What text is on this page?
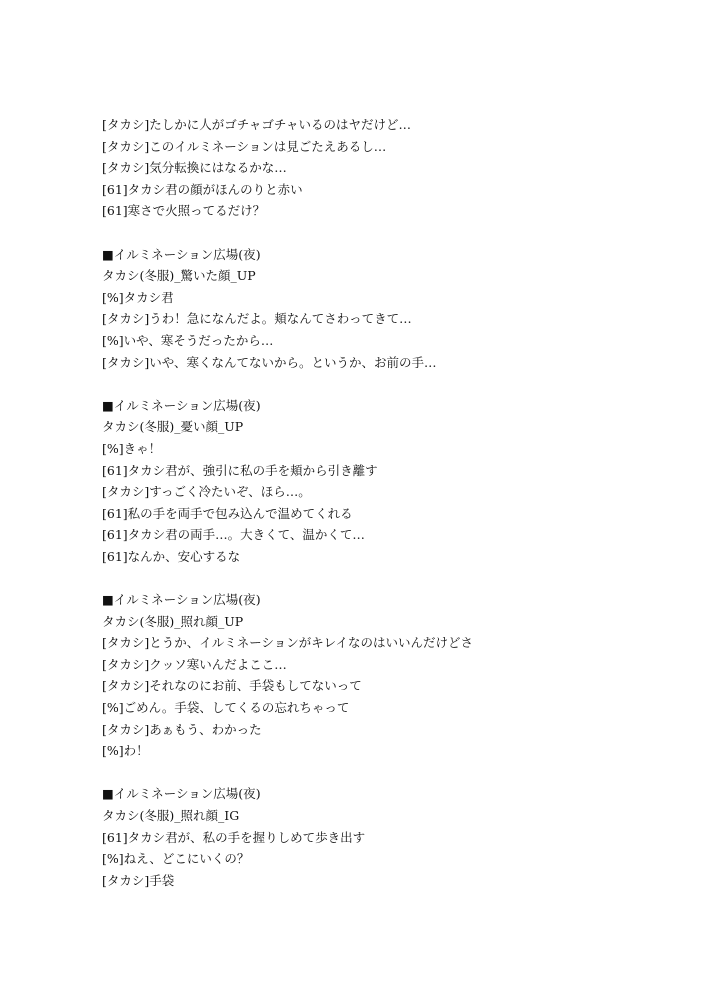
[タカシ]たしかに人がゴチャゴチャいるのはヤだけど…
[タカシ]このイルミネーションは見ごたえあるし…
[タカシ]気分転換にはなるかな…
[61]タカシ君の顔がほんのりと赤い
[61]寒さで火照ってるだけ？
■イルミネーション広場(夜)
タカシ(冬服)_驚いた顔_UP
[%]タカシ君
[タカシ]うわ！急になんだよ。頬なんてさわってきて…
[%]いや、寒そうだったから…
[タカシ]いや、寒くなんてないから。というか、お前の手…
■イルミネーション広場(夜)
タカシ(冬服)_憂い顔_UP
[%]きゃ！
[61]タカシ君が、強引に私の手を頬から引き離す
[タカシ]すっごく冷たいぞ、ほら…。
[61]私の手を両手で包み込んで温めてくれる
[61]タカシ君の両手…。大きくて、温かくて…
[61]なんか、安心するな
■イルミネーション広場(夜)
タカシ(冬服)_照れ顔_UP
[タカシ]とうか、イルミネーションがキレイなのはいいんだけどさ
[タカシ]クッソ寒いんだよここ…
[タカシ]それなのにお前、手袋もしてないって
[%]ごめん。手袋、してくるの忘れちゃって
[タカシ]あぁもう、わかった
[%]わ！
■イルミネーション広場(夜)
タカシ(冬服)_照れ顔_IG
[61]タカシ君が、私の手を握りしめて歩き出す
[%]ねえ、どこにいくの？
[タカシ]手袋
